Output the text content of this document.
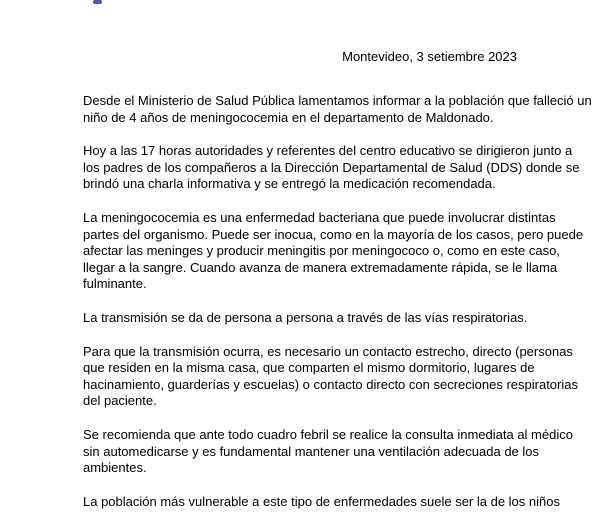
Montevideo, 3 setiembre 2023

Desde el Ministerio de Salud Pública lamentamos informar a la población que falleció un
niño de 4 años de meningococemia en el departamento de Maldonado.

Hoy a las 17 horas autoridades y referentes del centro educativo se dirigieron junto a
los padres de los compañeros a la Dirección Departamental de Salud (DDS) donde se
brindó una charla informativa y se entregó la medicación recomendada.

La meningococemia es una enfermedad bacteriana que puede involucrar distintas
partes del organismo. Puede ser inocua, como en la mayoría de los casos, pero puede
afectar las meninges y producir meningitis por meningococo o, como en este caso,
llegar a la sangre. Cuando avanza de manera extremadamente rápida, se le llama
fulminante.

La transmisión se da de persona a persona a través de las vías respiratorias.

Para que la transmisión ocurra, es necesario un contacto estrecho, directo (personas
que residen en la misma casa, que comparten el mismo dormitorio, lugares de
hacinamiento, guarderías y escuelas) o contacto directo con secreciones respiratorias
del paciente.

Se recomienda que ante todo cuadro febril se realice la consulta inmediata al médico
sin automedicarse y es fundamental mantener una ventilación adecuada de los
ambientes.

La población más vulnerable a este tipo de enfermedades suele ser la de los niños
